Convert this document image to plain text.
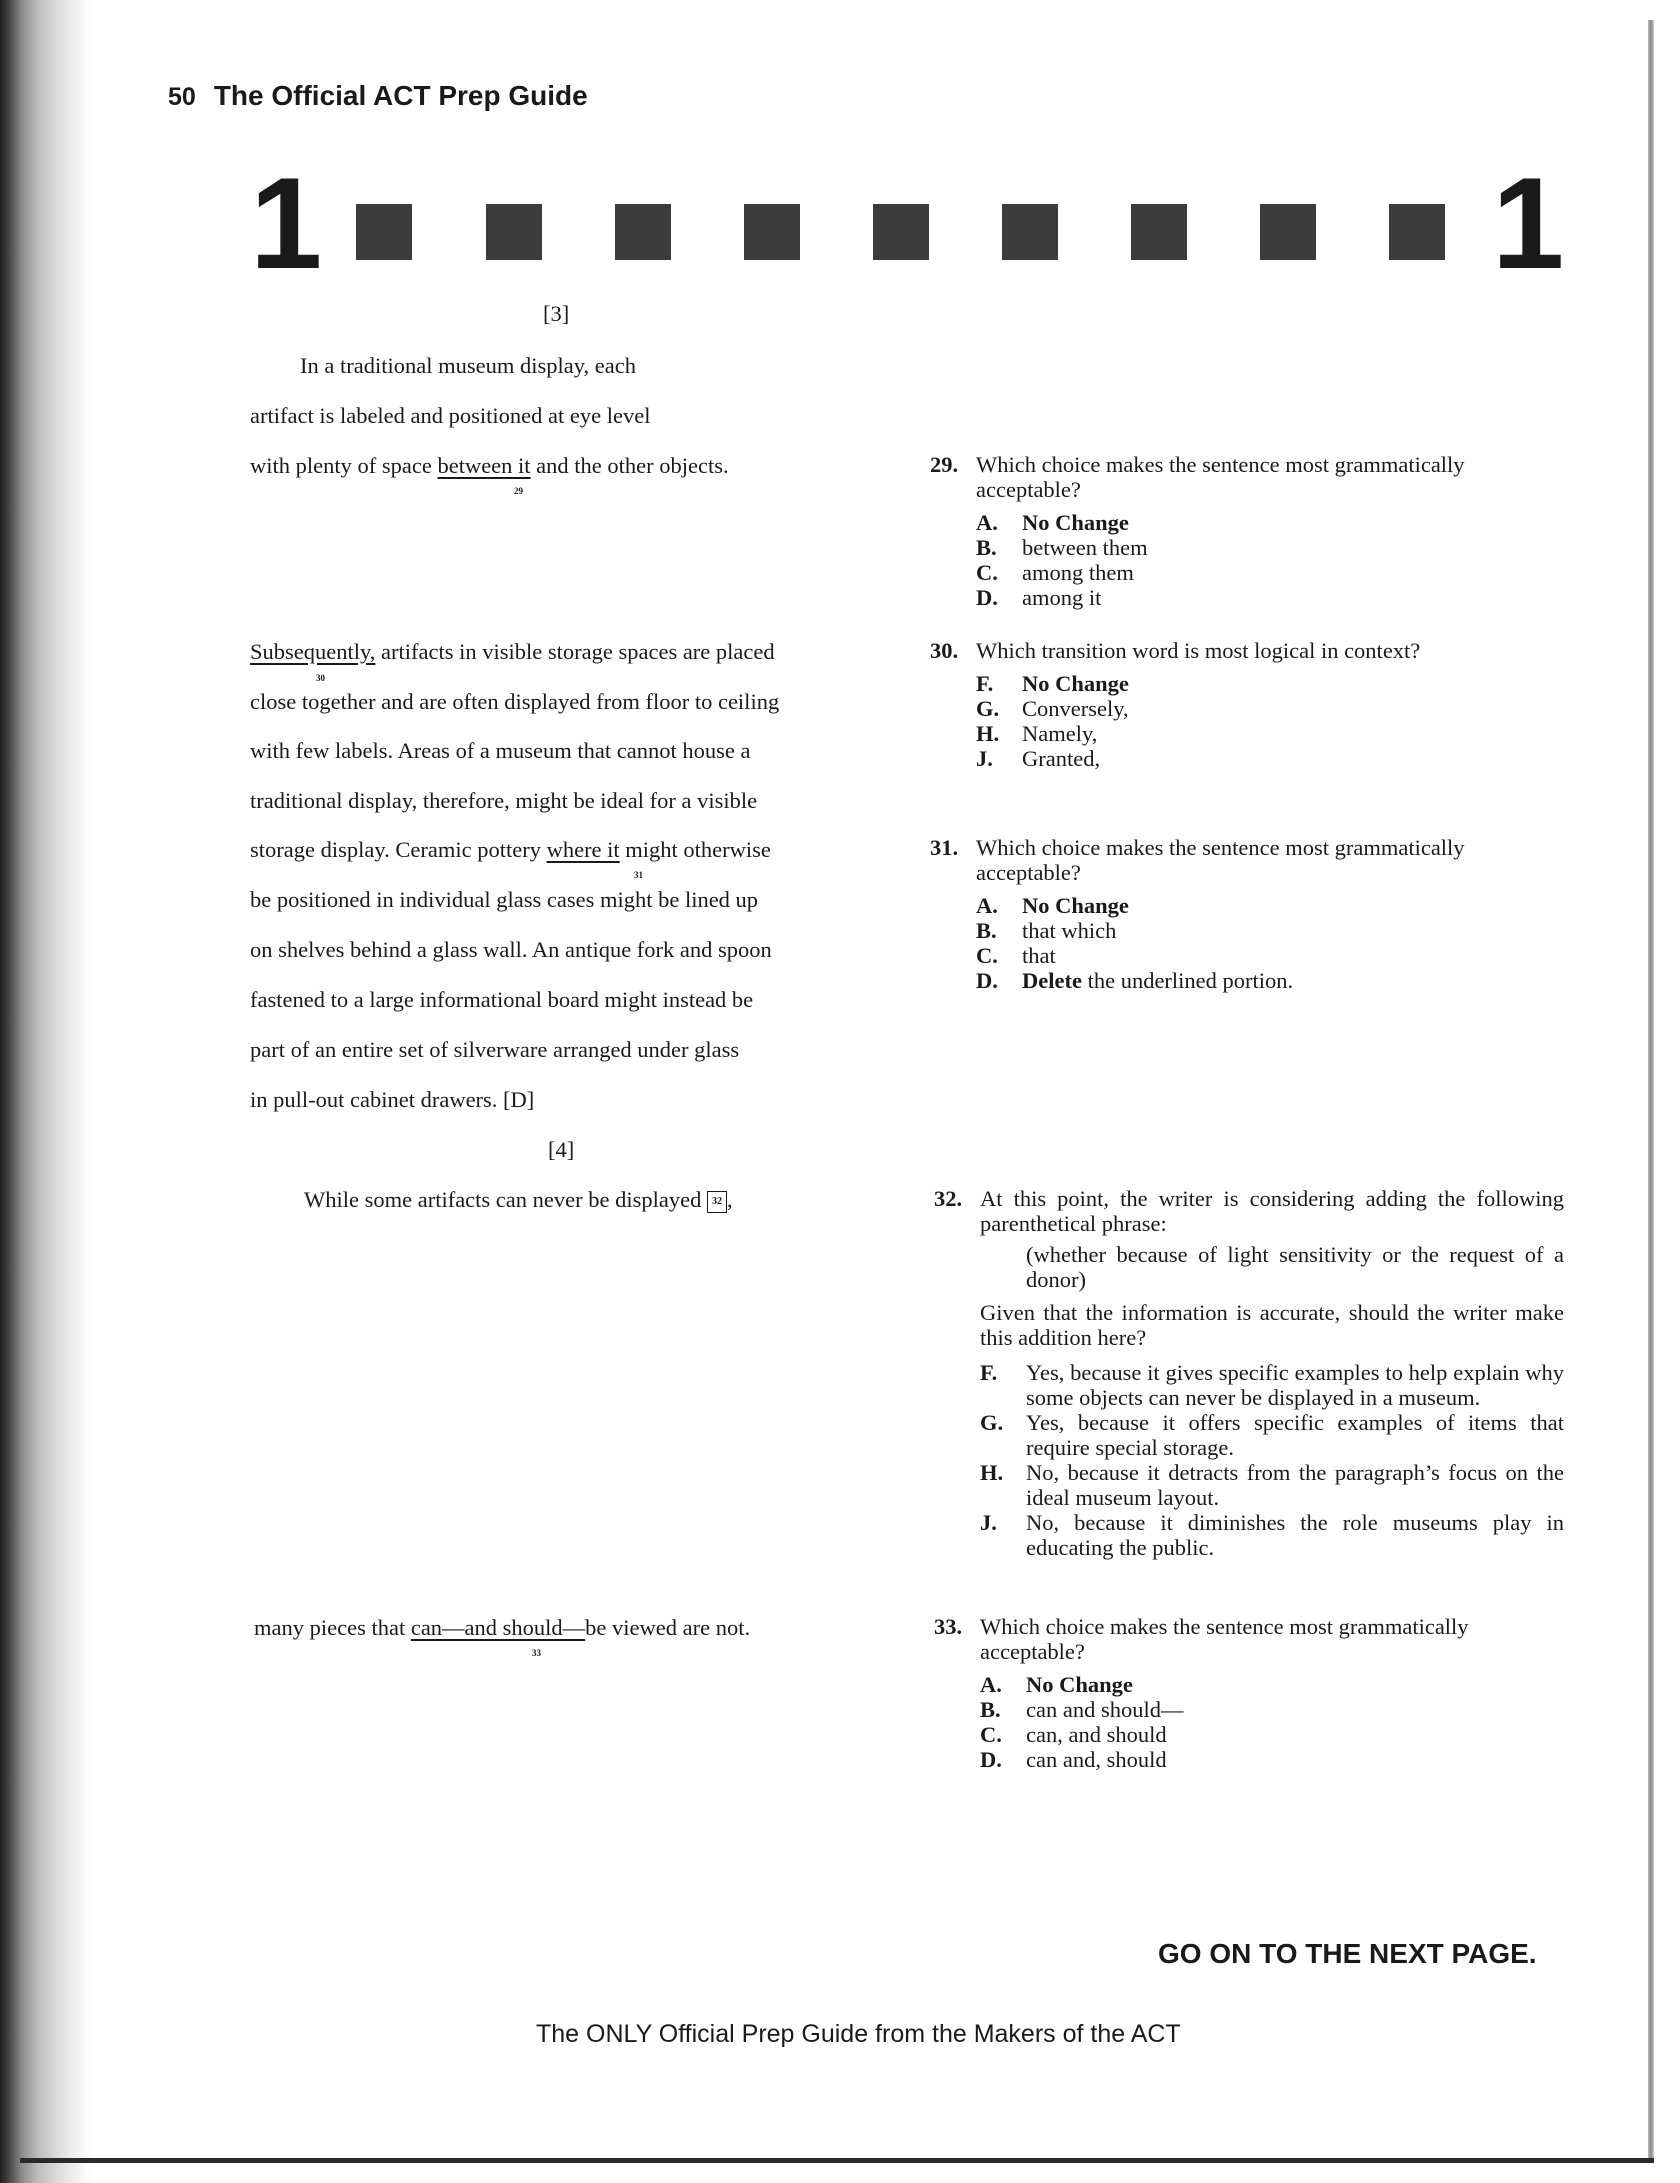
50 The Official ACT Prep Guide
1	1
[3]
In a traditional museum display, each
artifact is labeled and positioned at eye level
with plenty of space between it and the other objects.
29
Subsequently, artifacts in visible storage spaces are placed
30
close together and are often displayed from floor to ceiling
with few labels. Areas of a museum that cannot house a
traditional display, therefore, might be ideal for a visible
storage display. Ceramic pottery where it might otherwise
31
be positioned in individual glass cases might be lined up
on shelves behind a glass wall. An antique fork and spoon
fastened to a large informational board might instead be
part of an entire set of silverware arranged under glass
in pull-out cabinet drawers. [D]
[4]
While some artifacts can never be displayed 32 ,
many pieces that can—and should—be viewed are not.
33
29. Which choice makes the sentence most grammatically acceptable?
A. No Change
B. between them
C. among them
D. among it
30. Which transition word is most logical in context?
F. No Change
G. Conversely,
H. Namely,
J. Granted,
31. Which choice makes the sentence most grammatically acceptable?
A. No Change
B. that which
C. that
D. Delete the underlined portion.
32. At this point, the writer is considering adding the following parenthetical phrase:
(whether because of light sensitivity or the request of a donor)
Given that the information is accurate, should the writer make this addition here?
F. Yes, because it gives specific examples to help explain why some objects can never be displayed in a museum.
G. Yes, because it offers specific examples of items that require special storage.
H. No, because it detracts from the paragraph’s focus on the ideal museum layout.
J. No, because it diminishes the role museums play in educating the public.
33. Which choice makes the sentence most grammatically acceptable?
A. No Change
B. can and should—
C. can, and should
D. can and, should
GO ON TO THE NEXT PAGE.
The ONLY Official Prep Guide from the Makers of the ACT
